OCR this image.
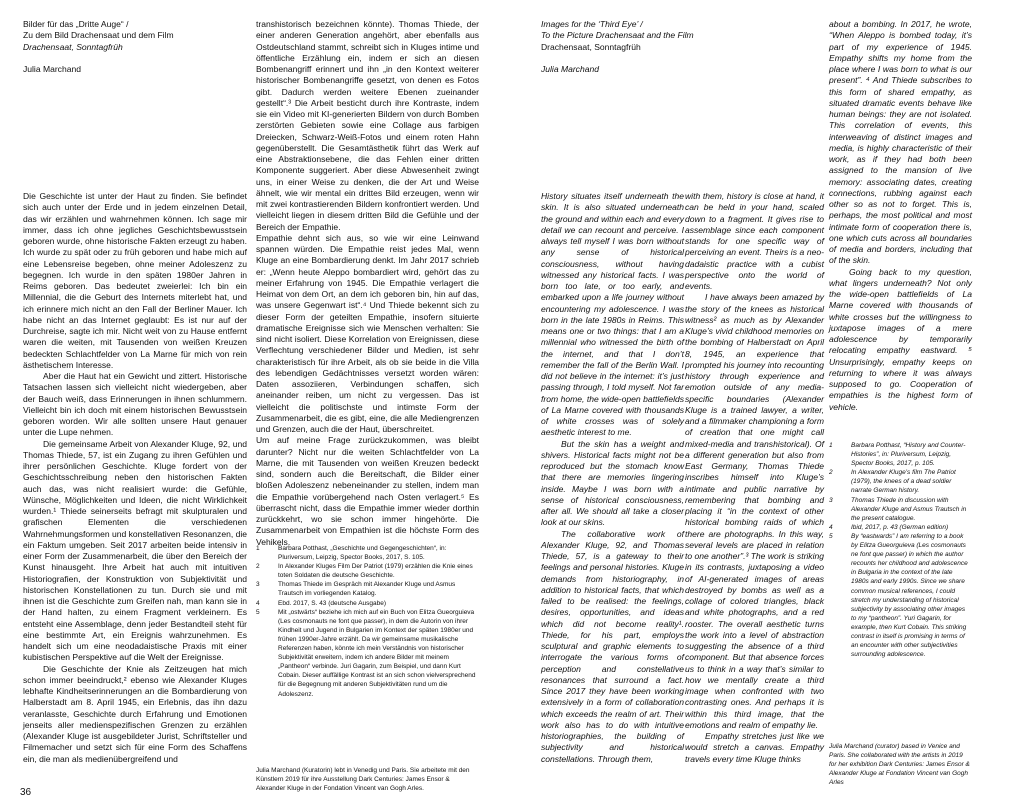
Bilder für das „Dritte Auge“ /
Zu dem Bild Drachensaat und dem Film
Drachensaat, Sonntagfrüh
Julia Marchand

Die Geschichte ist unter der Haut zu finden. Sie befindet sich auch unter der Erde und in jedem einzelnen Detail, das wir erzählen und wahrnehmen können. Ich sage mir immer, dass ich ohne jegliches Geschichtsbewusstsein geboren wurde, ohne historische Fakten erzeugt zu haben. Ich wurde zu spät oder zu früh geboren und habe mich auf eine Lebensreise begeben, ohne meiner Adoleszenz zu begegnen. Ich wurde in den späten 1980er Jahren in Reims geboren. Das bedeutet zweierlei: Ich bin ein Millennial, die die Geburt des Internets miterlebt hat, und ich erinnere mich nicht an den Fall der Berliner Mauer. Ich habe nicht an das Internet geglaubt: Es ist nur auf der Durchreise, sagte ich mir. Nicht weit von zu Hause entfernt waren die weiten, mit Tausenden von weißen Kreuzen bedeckten Schlachtfelder von La Marne für mich von rein ästhetischem Interesse.

Aber die Haut hat ein Gewicht und zittert. Historische Tatsachen lassen sich vielleicht nicht wiedergeben, aber der Bauch weiß, dass Erinnerungen in ihnen schlummern. Vielleicht bin ich doch mit einem historischen Bewusstsein geboren worden. Wir alle sollten unsere Haut genauer unter die Lupe nehmen.

Die gemeinsame Arbeit von Alexander Kluge, 92, und Thomas Thiede, 57, ist ein Zugang zu ihren Gefühlen und ihrer persönlichen Geschichte. Kluge fordert von der Geschichtsschreibung neben den historischen Fakten auch das, was nicht realisiert wurde: die Gefühle, Wünsche, Möglichkeiten und Ideen, die nicht Wirklichkeit wurden.¹ Thiede seinerseits befragt mit skulpturalen und grafischen Elementen die verschiedenen Wahrnehmungsformen und konstellativen Resonanzen, die ein Faktum umgeben. Seit 2017 arbeiten beide intensiv in einer Form der Zusammenarbeit, die über den Bereich der Kunst hinausgeht. Ihre Arbeit hat auch mit intuitiven Historiografien, der Konstruktion von Subjektivität und historischen Konstellationen zu tun. Durch sie und mit ihnen ist die Geschichte zum Greifen nah, man kann sie in der Hand halten, zu einem Fragment verkleinern. Es entsteht eine Assemblage, denn jeder Bestandteil steht für eine bestimmte Art, ein Ereignis wahrzunehmen. Es handelt sich um eine neodadaistische Praxis mit einer kubistischen Perspektive auf die Welt der Ereignisse.

Die Geschichte der Knie als Zeitzeugen hat mich schon immer beeindruckt,² ebenso wie Alexander Kluges lebhafte Kindheitserinnerungen an die Bombardierung von Halberstadt am 8. April 1945, ein Erlebnis, das ihn dazu veranlasste, Geschichte durch Erfahrung und Emotionen jenseits aller medienspezifischen Grenzen zu erzählen (Alexander Kluge ist ausgebildeter Jurist, Schriftsteller und Filmemacher und setzt sich für eine Form des Schaffens ein, die man als medienübergreifend und

transhistorisch bezeichnen könnte). Thomas Thiede, der einer anderen Generation angehört, aber ebenfalls aus Ostdeutschland stammt, schreibt sich in Kluges intime und öffentliche Erzählung ein, indem er sich an diesen Bombenangriff erinnert und ihn „in den Kontext weiterer historischer Bombenangriffe gesetzt, von denen es Fotos gibt. Dadurch werden weitere Ebenen zueinander gestellt“.³ Die Arbeit besticht durch ihre Kontraste, indem sie ein Video mit KI-generierten Bildern von durch Bomben zerstörten Gebieten sowie eine Collage aus farbigen Dreiecken, Schwarz-Weiß-Fotos und einem roten Hahn gegenüberstellt. Die Gesamtästhetik führt das Werk auf eine Abstraktionsebene, die das Fehlen einer dritten Komponente suggeriert. Aber diese Abwesenheit zwingt uns, in einer Weise zu denken, die der Art und Weise ähnelt, wie wir mental ein drittes Bild erzeugen, wenn wir mit zwei kontrastierenden Bildern konfrontiert werden. Und vielleicht liegen in diesem dritten Bild die Gefühle und der Bereich der Empathie.

Empathie dehnt sich aus, so wie wir eine Leinwand spannen würden. Die Empathie reist jedes Mal, wenn Kluge an eine Bombardierung denkt. Im Jahr 2017 schrieb er: „Wenn heute Aleppo bombardiert wird, gehört das zu meiner Erfahrung von 1945. Die Empathie verlagert die Heimat von dem Ort, an dem ich geboren bin, hin auf das, was unsere Gegenwart ist“.⁴ Und Thiede bekennt sich zu dieser Form der geteilten Empathie, insofern situierte dramatische Ereignisse sich wie Menschen verhalten: Sie sind nicht isoliert. Diese Korrelation von Ereignissen, diese Verflechtung verschiedener Bilder und Medien, ist sehr charakteristisch für ihre Arbeit, als ob sie beide in die Villa des lebendigen Gedächtnisses versetzt worden wären: Daten assoziieren, Verbindungen schaffen, sich aneinander reiben, um nicht zu vergessen. Das ist vielleicht die politischste und intimste Form der Zusammenarbeit, die es gibt, eine, die alle Mediengrenzen und Grenzen, auch die der Haut, überschreitet.

Um auf meine Frage zurückzukommen, was bleibt darunter? Nicht nur die weiten Schlachtfelder von La Marne, die mit Tausenden von weißen Kreuzen bedeckt sind, sondern auch die Bereitschaft, die Bilder einer bloßen Adoleszenz nebeneinander zu stellen, indem man die Empathie vorübergehend nach Osten verlagert.⁵ Es überrascht nicht, dass die Empathie immer wieder dorthin zurückkehrt, wo sie schon immer hingehörte. Die Zusammenarbeit von Empathien ist die höchste Form des Vehikels.

1	Barbara Potthast, „Geschichte und Gegengeschichten“, in: Pluriversum, Leipzig, Spector Books, 2017, S. 105.
2	In Alexander Kluges Film Der Patriot (1979) erzählen die Knie eines toten Soldaten die deutsche Geschichte.
3	Thomas Thiede im Gespräch mit Alexander Kluge und Asmus Trautsch im vorliegenden Katalog.
4	Ebd. 2017, S. 43 (deutsche Ausgabe)
5	Mit „ostwärts“ beziehe ich mich auf ein Buch von Elitza Gueorguieva (Les cosmonauts ne font que passer), in dem die Autorin von ihrer Kindheit und Jugend in Bulgarien im Kontext der späten 1980er und frühen 1990er-Jahre erzählt. Da wir gemeinsame musikalische Referenzen haben, könnte ich mein Verständnis von historischer Subjektivität erweitern, indem ich andere Bilder mit meinem „Pantheon“ verbinde. Juri Gagarin, zum Beispiel, und dann Kurt Cobain. Dieser auffällige Kontrast ist an sich schon vielversprechend für die Begegnung mit anderen Subjektivitäten rund um die Adoleszenz.
Julia Marchand (Kuratorin) lebt in Venedig und Paris. Sie arbeitete mit den Künstlern 2019 für ihre Ausstellung Dark Centuries: James Ensor & Alexander Kluge in der Fondation Vincent van Gogh Arles.
36
Images for the ‘Third Eye’ /
To the Picture Drachensaat and the Film
Drachensaat, Sonntagfrüh
Julia Marchand

History situates itself underneath the skin. It is also situated underneath the ground and within each and every detail we can recount and perceive. I always tell myself I was born without any sense of historical consciousness, without having witnessed any historical facts. I was born too late, or too early, and embarked upon a life journey without encountering my adolescence. I was born in the late 1980s in Reims. This means one or two things: that I am a millennial who witnessed the birth of the internet, and that I don’t remember the fall of the Berlin Wall. I did not believe in the internet: it’s just passing through, I told myself. Not far from home, the wide-open battlefields of La Marne covered with thousands of white crosses was of solely aesthetic interest to me.

But the skin has a weight and shivers. Historical facts might not be reproduced but the stomach know that there are memories lingering inside. Maybe I was born with a sense of historical consciousness, after all. We should all take a closer look at our skins.

The collaborative work of Alexander Kluge, 92, and Thomas Thiede, 57, is a gateway to their feelings and personal histories. Kluge demands from historiography, in addition to historical facts, that which failed to be realised: the feelings, desires, opportunities, and ideas which did not become reality¹. Thiede, for his part, employs sculptural and graphic elements to interrogate the various forms of perception and constellative resonances that surround a fact. Since 2017 they have been working extensively in a form of collaboration which exceeds the realm of art. Their work also has to do with intuitive historiographies, the building of subjectivity and historical constellations. Through them,

with them, history is close at hand, it can be held in your hand, scaled down to a fragment. It gives rise to assemblage since each component stands for one specific way of perceiving an event. Theirs is a neo-dadaistic practice with a cubist perspective onto the world of events.

I have always been amazed by the story of the knees as historical witness² as much as by Alexander Kluge’s vivid childhood memories on the bombing of Halberstadt on April 8, 1945, an experience that prompted his journey into recounting history through experience and emotion outside of any media-specific boundaries (Alexander Kluge is a trained lawyer, a writer, and a filmmaker championing a form of creation that one might call mixed-media and transhistorical). Of a different generation but also from East Germany, Thomas Thiede inscribes himself into Kluge’s intimate and public narrative by remembering that bombing and placing it “in the context of other historical bombing raids of which there are photographs. In this way, several levels are placed in relation to one another”.³ The work is striking in its contrasts, juxtaposing a video of AI-generated images of areas destroyed by bombs as well as a collage of colored triangles, black and white photographs, and a red rooster. The overall aesthetic turns the work into a level of abstraction suggesting the absence of a third component. But that absence forces us to think in a way that’s similar to how we mentally create a third image when confronted with two contrasting ones. And perhaps it is within this third image, that the emotions and realm of empathy lie.

Empathy stretches just like we would stretch a canvas. Empathy travels every time Kluge thinks

about a bombing. In 2017, he wrote, “When Aleppo is bombed today, it’s part of my experience of 1945. Empathy shifts my home from the place where I was born to what is our present”. ⁴ And Thiede subscribes to this form of shared empathy, as situated dramatic events behave like human beings: they are not isolated. This correlation of events, this interweaving of distinct images and media, is highly characteristic of their work, as if they had both been assigned to the mansion of live memory: associating dates, creating connections, rubbing against each other so as not to forget. This is, perhaps, the most political and most intimate form of cooperation there is, one which cuts across all boundaries of media and borders, including that of the skin.

Going back to my question, what lingers underneath? Not only the wide-open battlefields of La Marne covered with thousands of white crosses but the willingness to juxtapose images of a mere adolescence by temporarily relocating empathy eastward. ⁵ Unsurprisingly, empathy keeps on returning to where it was always supposed to go. Cooperation of empathies is the highest form of vehicle.

1	Barbara Potthast, “History and Counter-Histories”, in: Pluriversum, Leipzig, Spector Books, 2017, p. 105.
2	In Alexander Kluge’s film The Patriot (1979), the knees of a dead soldier narrate German history.
3	Thomas Thiede in discussion with Alexander Kluge and Asmus Trautsch in the present catalogue.
4	Ibid, 2017, p. 43 (German edition)
5	By “eastwards” I am referring to a book by Elitza Gueorguieva (Les cosmonauts ne font que passer) in which the author recounts her childhood and adolescence in Bulgaria in the context of the late 1980s and early 1990s. Since we share common musical references, I could stretch my understanding of historical subjectivity by associating other images to my “pantheon”. Yuri Gagarin, for example, then Kurt Cobain. This striking contrast in itself is promising in terms of an encounter with other subjectivities surrounding adolescence.
Julia Marchand (curator) based in Venice and Paris. She collaborated with the artists in 2019 for her exhibition Dark Centuries: James Ensor & Alexander Kluge at Fondation Vincent van Gogh Arles
